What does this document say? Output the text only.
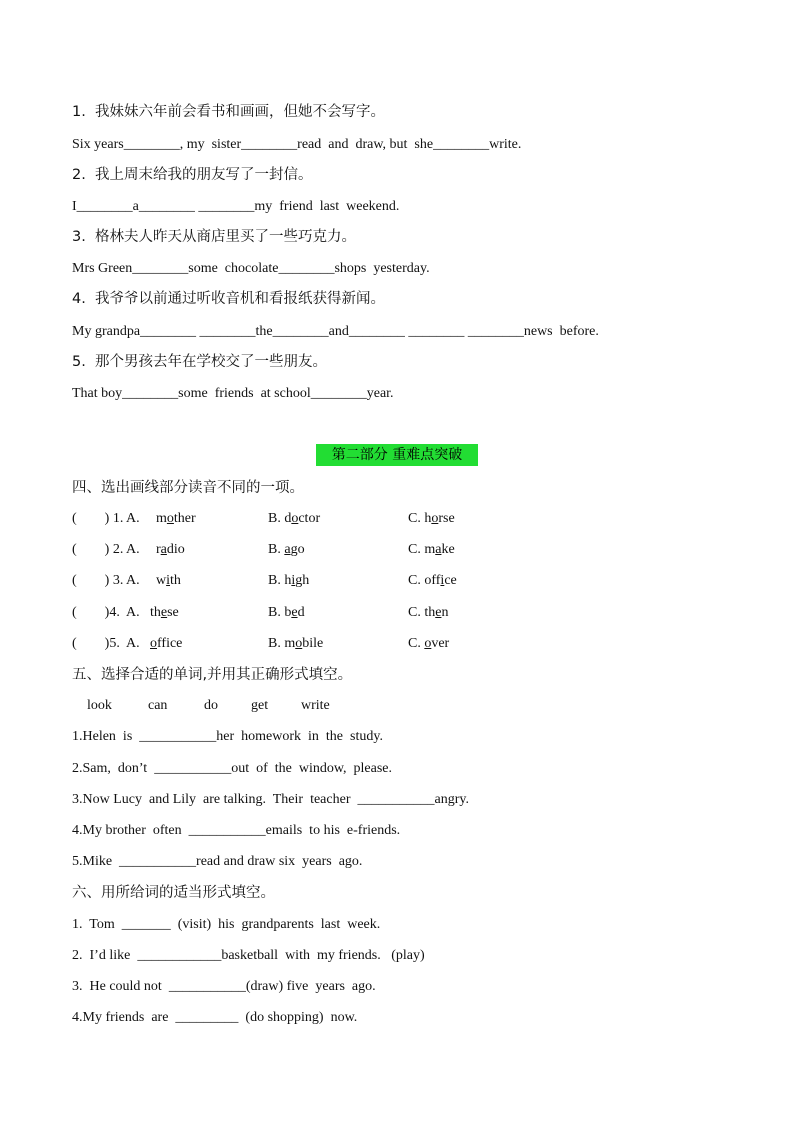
1.  我妹妹六年前会看书和画画，但她不会写字。
Six years________, my  sister________read  and  draw, but  she________write.
2.  我上周末给我的朋友写了一封信。
I________a________ ________my  friend  last  weekend.
3.  格林夫人昨天从商店里买了一些巧克力。
Mrs Green________some  chocolate________shops  yesterday.
4.  我爷爷以前通过听收音机和看报纸获得新闻。
My grandpa________ ________the________and________ ________ ________news  before.
5.  那个男孩去年在学校交了一些朋友。
That boy________some  friends  at school________year.
第二部分 重难点突破
四、选出画线部分读音不同的一项。
(        ) 1. A. mother	B. doctor	C. horse
(        ) 2. A. radio	B. ago	C. make
(        ) 3. A. with	B. high	C. office
(        )4.  A. these	B. bed	C. then
(        )5.  A. office	B. mobile	C. over
五、选择合适的单词,并用其正确形式填空。
look	can	do get write
1.Helen  is  ___________her  homework  in  the  study.
2.Sam,  don’t  ___________out  of  the  window,  please.
3.Now Lucy  and Lily  are talking.  Their  teacher  ___________angry.
4.My brother  often  ___________emails  to his  e-friends.
5.Mike  ___________read and draw six  years  ago.
六、用所给词的适当形式填空。
1.  Tom  _______  (visit)  his  grandparents  last  week.
2.  I’d like  ____________basketball  with  my friends.   (play)
3.  He could not  ___________(draw) five  years  ago.
4.My friends  are  _________  (do shopping)  now.
